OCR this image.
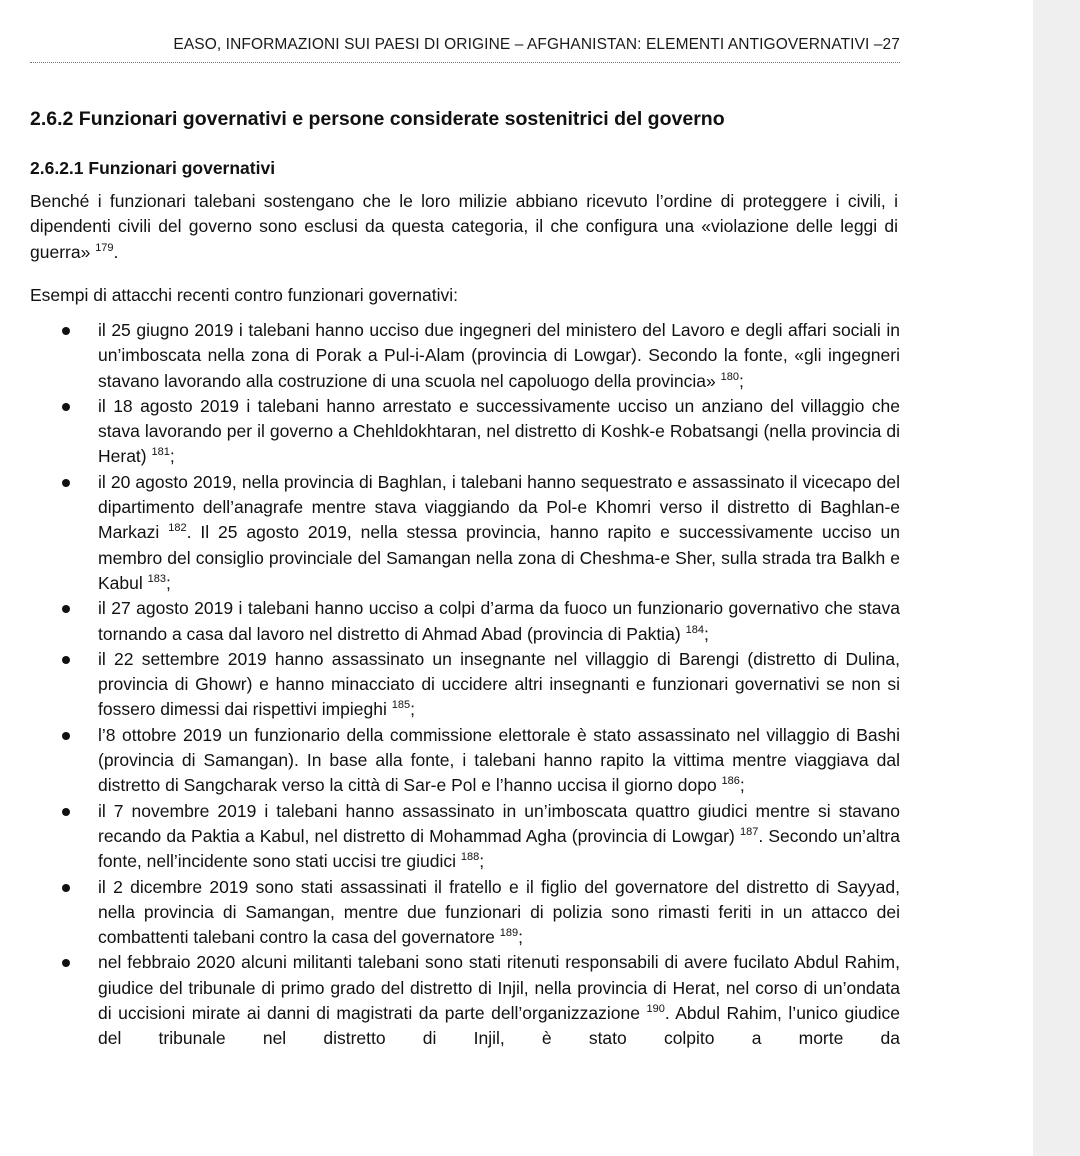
EASO, INFORMAZIONI SUI PAESI DI ORIGINE – AFGHANISTAN: ELEMENTI ANTIGOVERNATIVI –27
2.6.2 Funzionari governativi e persone considerate sostenitrici del governo
2.6.2.1 Funzionari governativi
Benché i funzionari talebani sostengano che le loro milizie abbiano ricevuto l’ordine di proteggere i civili, i dipendenti civili del governo sono esclusi da questa categoria, il che configura una «violazione delle leggi di guerra» $^{179}$.
Esempi di attacchi recenti contro funzionari governativi:
il 25 giugno 2019 i talebani hanno ucciso due ingegneri del ministero del Lavoro e degli affari sociali in un’imboscata nella zona di Porak a Pul-i-Alam (provincia di Lowgar). Secondo la fonte, «gli ingegneri stavano lavorando alla costruzione di una scuola nel capoluogo della provincia» $^{180}$;
il 18 agosto 2019 i talebani hanno arrestato e successivamente ucciso un anziano del villaggio che stava lavorando per il governo a Chehldokhtaran, nel distretto di Koshk-e Robatsangi (nella provincia di Herat) $^{181}$;
il 20 agosto 2019, nella provincia di Baghlan, i talebani hanno sequestrato e assassinato il vicecapo del dipartimento dell’anagrafe mentre stava viaggiando da Pol-e Khomri verso il distretto di Baghlan-e Markazi $^{182}$. Il 25 agosto 2019, nella stessa provincia, hanno rapito e successivamente ucciso un membro del consiglio provinciale del Samangan nella zona di Cheshma-e Sher, sulla strada tra Balkh e Kabul $^{183}$;
il 27 agosto 2019 i talebani hanno ucciso a colpi d’arma da fuoco un funzionario governativo che stava tornando a casa dal lavoro nel distretto di Ahmad Abad (provincia di Paktia) $^{184}$;
il 22 settembre 2019 hanno assassinato un insegnante nel villaggio di Barengi (distretto di Dulina, provincia di Ghowr) e hanno minacciato di uccidere altri insegnanti e funzionari governativi se non si fossero dimessi dai rispettivi impieghi $^{185}$;
l’8 ottobre 2019 un funzionario della commissione elettorale è stato assassinato nel villaggio di Bashi (provincia di Samangan). In base alla fonte, i talebani hanno rapito la vittima mentre viaggiava dal distretto di Sangcharak verso la città di Sar-e Pol e l’hanno uccisa il giorno dopo $^{186}$;
il 7 novembre 2019 i talebani hanno assassinato in un’imboscata quattro giudici mentre si stavano recando da Paktia a Kabul, nel distretto di Mohammad Agha (provincia di Lowgar) $^{187}$. Secondo un’altra fonte, nell’incidente sono stati uccisi tre giudici $^{188}$;
il 2 dicembre 2019 sono stati assassinati il fratello e il figlio del governatore del distretto di Sayyad, nella provincia di Samangan, mentre due funzionari di polizia sono rimasti feriti in un attacco dei combattenti talebani contro la casa del governatore $^{189}$;
nel febbraio 2020 alcuni militanti talebani sono stati ritenuti responsabili di avere fucilato Abdul Rahim, giudice del tribunale di primo grado del distretto di Injil, nella provincia di Herat, nel corso di un’ondata di uccisioni mirate ai danni di magistrati da parte dell’organizzazione $^{190}$. Abdul Rahim, l’unico giudice del tribunale nel distretto di Injil, è stato colpito a morte da
